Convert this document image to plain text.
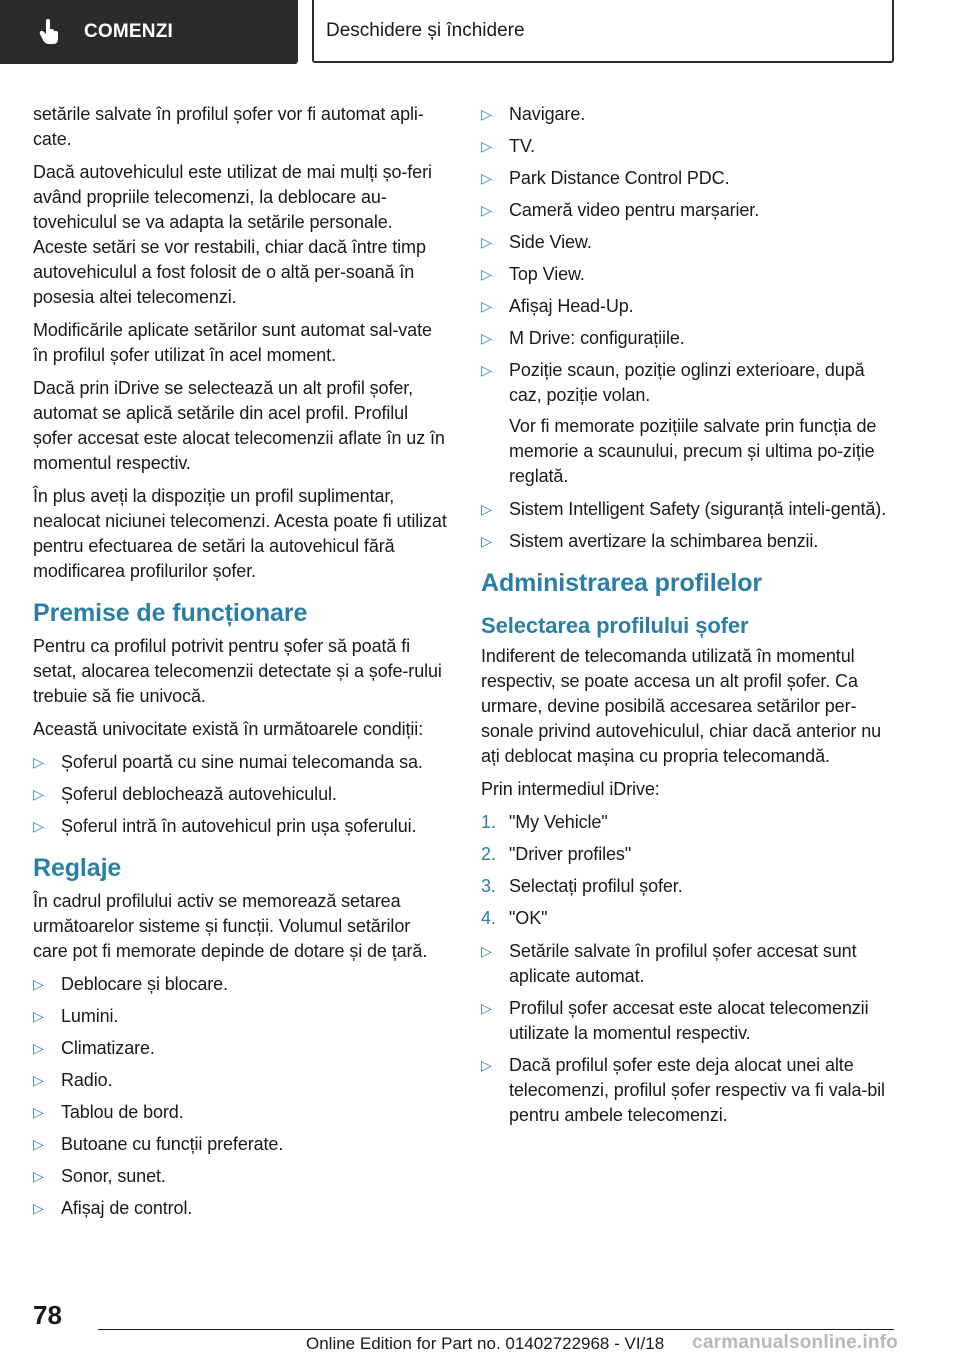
COMENZI	Deschidere și închidere

setările salvate în profilul șofer vor fi automat apli-cate.

Dacă autovehiculul este utilizat de mai mulți șo-feri având propriile telecomenzi, la deblocare au-tovehiculul se va adapta la setările personale. Aceste setări se vor restabili, chiar dacă între timp autovehiculul a fost folosit de o altă per-soană în posesia altei telecomenzi.

Modificările aplicate setărilor sunt automat sal-vate în profilul șofer utilizat în acel moment.

Dacă prin iDrive se selectează un alt profil șofer, automat se aplică setările din acel profil. Profilul șofer accesat este alocat telecomenzii aflate în uz în momentul respectiv.

În plus aveți la dispoziție un profil suplimentar, nealocat niciunei telecomenzi. Acesta poate fi utilizat pentru efectuarea de setări la autovehicul fără modificarea profilurilor șofer.

Premise de funcționare

Pentru ca profilul potrivit pentru șofer să poată fi setat, alocarea telecomenzii detectate și a șofe-rului trebuie să fie univocă.

Această univocitate există în următoarele condiții:

▷ Șoferul poartă cu sine numai telecomanda sa.
▷ Șoferul deblochează autovehiculul.
▷ Șoferul intră în autovehicul prin ușa șoferului.
Reglaje

În cadrul profilului activ se memorează setarea următoarelor sisteme și funcții. Volumul setărilor care pot fi memorate depinde de dotare și de țară.

▷ Deblocare și blocare.
▷ Lumini.
▷ Climatizare.
▷ Radio.
▷ Tablou de bord.
▷ Butoane cu funcții preferate.
▷ Sonor, sunet.
▷ Afișaj de control.
▷ Navigare.
▷ TV.
▷ Park Distance Control PDC.
▷ Cameră video pentru marșarier.
▷ Side View.
▷ Top View.
▷ Afișaj Head-Up.
▷ M Drive: configurațiile.
▷ Poziție scaun, poziție oglinzi exterioare, după caz, poziție volan.

Vor fi memorate pozițiile salvate prin funcția de memorie a scaunului, precum și ultima po-ziție reglată.

▷ Sistem Intelligent Safety (siguranță inteli-gentă).
▷ Sistem avertizare la schimbarea benzii.
Administrarea profilelor
Selectarea profilului șofer

Indiferent de telecomanda utilizată în momentul respectiv, se poate accesa un alt profil șofer. Ca urmare, devine posibilă accesarea setărilor per-sonale privind autovehiculul, chiar dacă anterior nu ați deblocat mașina cu propria telecomandă.

Prin intermediul iDrive:

1. "My Vehicle"
2. "Driver profiles"
3. Selectați profilul șofer.
4. "OK"
▷ Setările salvate în profilul șofer accesat sunt aplicate automat.
▷ Profilul șofer accesat este alocat telecomenzii utilizate la momentul respectiv.
▷ Dacă profilul șofer este deja alocat unei alte telecomenzi, profilul șofer respectiv va fi vala-bil pentru ambele telecomenzi.
78
Online Edition for Part no. 01402722968 - VI/18 carmanualsonline.info
